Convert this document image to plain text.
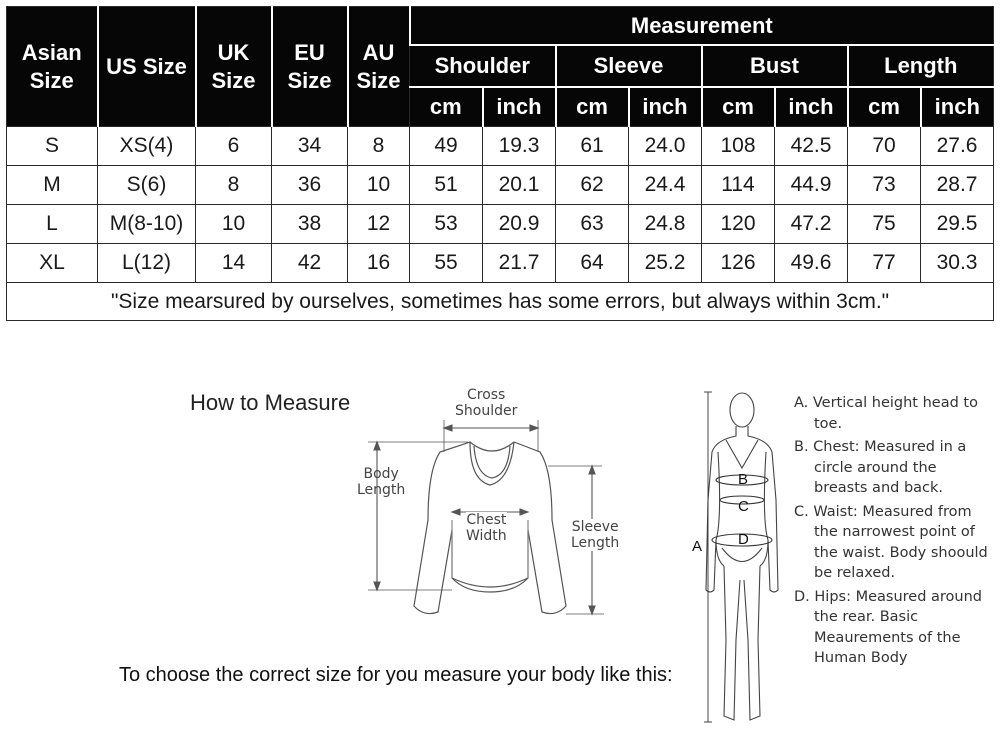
Asian Size	US Size	UK Size	EU Size	AU Size	Measurement							
					Shoulder		Sleeve		Bust		Length	
					cm	inch	cm	inch	cm	inch	cm	inch
S	XS(4)	6	34	8	49	19.3	61	24.0	108	42.5	70	27.6
M	S(6)	8	36	10	51	20.1	62	24.4	114	44.9	73	28.7
L	M(8-10)	10	38	12	53	20.9	63	24.8	120	47.2	75	29.5
XL	L(12)	14	42	16	55	21.7	64	25.2	126	49.6	77	30.3
"Size mearsured by ourselves, sometimes has some errors, but always within 3cm."												
How to Measure	Cross
Shoulder
Body
Length
Chest
Width
Sleeve
Length
To choose the correct size for you measure your body like this:
A
B
C
D
A. Vertical height head to toe.
B. Chest: Measured in a circle around the breasts and back.
C. Waist: Measured from the narrowest point of the waist. Body shoould be relaxed.
D. Hips: Measured around the rear. Basic Meaurements of the Human Body
